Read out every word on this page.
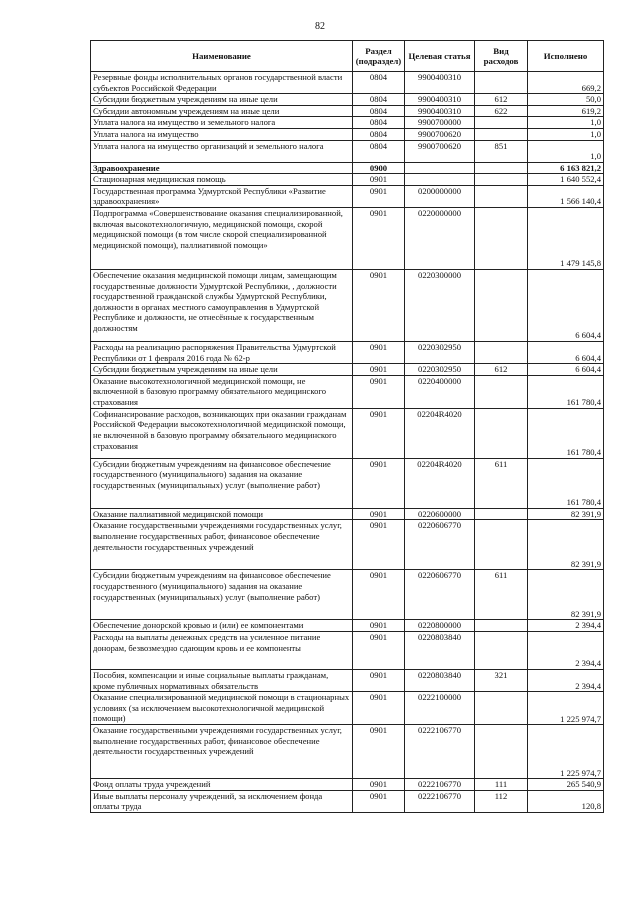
82
Наименование	Раздел (подраздел)	Целевая статья	Вид расходов	Исполнено
Резервные фонды исполнительных органов государственной власти субъектов Российской Федерации	0804	9900400310		669,2
Субсидии бюджетным учреждениям на иные цели	0804	9900400310	612	50,0
Субсидии автономным учреждениям на иные цели	0804	9900400310	622	619,2
Уплата налога на имущество и земельного налога	0804	9900700000		1,0
Уплата налога на имущество	0804	9900700620		1,0
Уплата налога на имущество организаций и земельного налога	0804	9900700620	851	1,0
Здравоохранение	0900			6 163 821,2
Стационарная медицинская помощь	0901			1 640 552,4
Государственная программа Удмуртской Республики «Развитие здравоохранения»	0901	0200000000		1 566 140,4
Подпрограмма «Совершенствование оказания специализированной, включая высокотехнологичную, медицинской помощи, скорой медицинской помощи (в том числе скорой специализированной медицинской помощи), паллиативной помощи»	0901	0220000000		1 479 145,8
Обеспечение оказания медицинской помощи лицам, замещающим государственные должности Удмуртской Республики, , должности государственной гражданской службы Удмуртской Республики, должности в органах местного самоуправления в Удмуртской Республике и должности, не отнесённые к государственным должностям	0901	0220300000		6 604,4
Расходы на реализацию распоряжения Правительства Удмуртской Республики от 1 февраля 2016 года № 62-р	0901	0220302950		6 604,4
Субсидии бюджетным учреждениям на иные цели	0901	0220302950	612	6 604,4
Оказание высокотехнологичной медицинской помощи, не включенной в базовую программу обязательного медицинского страхования	0901	0220400000		161 780,4
Софинансирование расходов, возникающих при оказании гражданам Российской Федерации высокотехнологичной медицинской помощи, не включенной в базовую программу обязательного медицинского страхования	0901	02204R4020		161 780,4
Субсидии бюджетным учреждениям на финансовое обеспечение государственного (муниципального) задания на оказание государственных (муниципальных) услуг (выполнение работ)	0901	02204R4020	611	161 780,4
Оказание паллиативной медицинской помощи	0901	0220600000		82 391,9
Оказание государственными учреждениями государственных услуг, выполнение государственных работ, финансовое обеспечение деятельности государственных учреждений	0901	0220606770		82 391,9
Субсидии бюджетным учреждениям на финансовое обеспечение государственного (муниципального) задания на оказание государственных (муниципальных) услуг (выполнение работ)	0901	0220606770	611	82 391,9
Обеспечение донорской кровью и (или) ее компонентами	0901	0220800000		2 394,4
Расходы на выплаты денежных средств на усиленное питание донорам, безвозмездно сдающим кровь и ее компоненты	0901	0220803840		2 394,4
Пособия, компенсации и иные социальные выплаты гражданам, кроме публичных нормативных обязательств	0901	0220803840	321	2 394,4
Оказание специализированной медицинской помощи в стационарных условиях (за исключением высокотехнологичной медицинской помощи)	0901	0222100000		1 225 974,7
Оказание государственными учреждениями государственных услуг, выполнение государственных работ, финансовое обеспечение деятельности государственных учреждений	0901	0222106770		1 225 974,7
Фонд оплаты труда учреждений	0901	0222106770	111	265 540,9
Иные выплаты персоналу учреждений, за исключением фонда оплаты труда	0901	0222106770	112	120,8
